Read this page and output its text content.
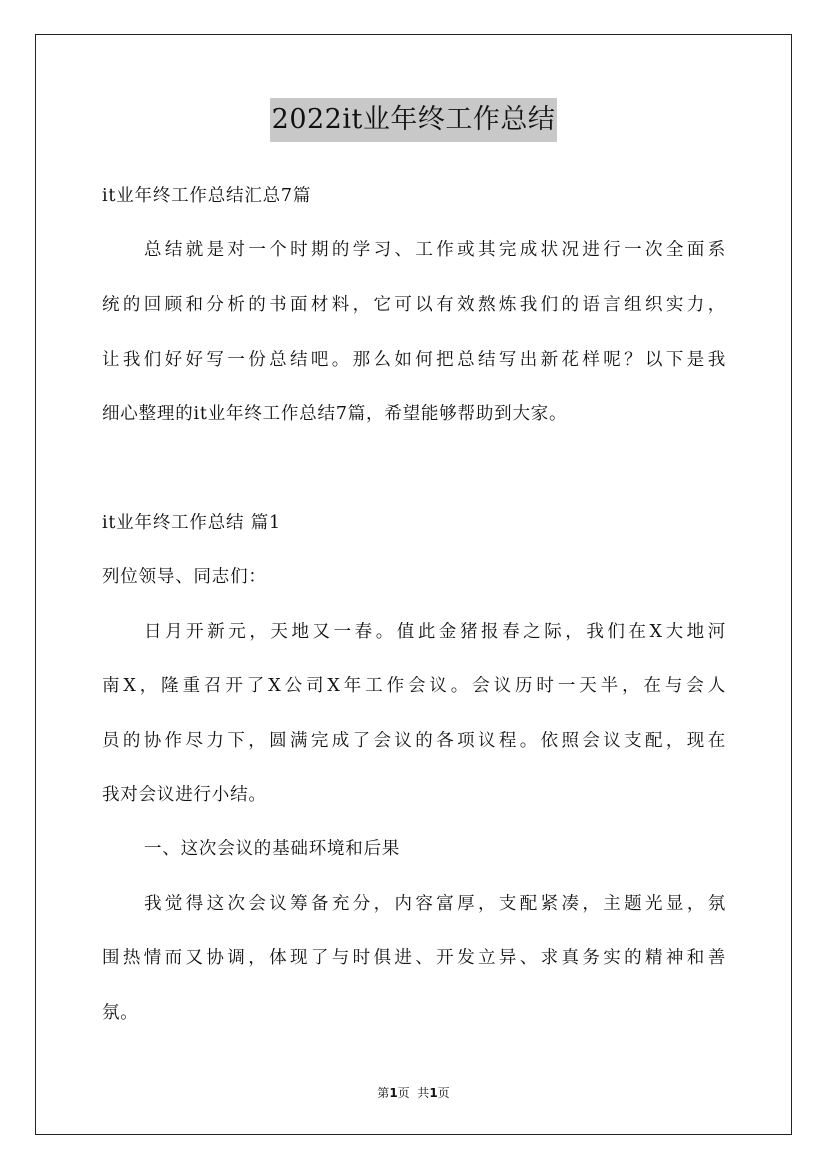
2022it业年终工作总结
it业年终工作总结汇总7篇
总结就是对一个时期的学习、工作或其完成状况进行一次全面系
统的回顾和分析的书面材料，它可以有效熬炼我们的语言组织实力，
让我们好好写一份总结吧。那么如何把总结写出新花样呢？以下是我
细心整理的it业年终工作总结7篇，希望能够帮助到大家。
it业年终工作总结 篇1
列位领导、同志们：
日月开新元，天地又一春。值此金猪报春之际，我们在X大地河
南X，隆重召开了X公司X年工作会议。会议历时一天半，在与会人
员的协作尽力下，圆满完成了会议的各项议程。依照会议支配，现在
我对会议进行小结。
一、这次会议的基础环境和后果
我觉得这次会议筹备充分，内容富厚，支配紧凑，主题光显，氛
围热情而又协调，体现了与时俱进、开发立异、求真务实的精神和善
氛。
第1页  共1页
